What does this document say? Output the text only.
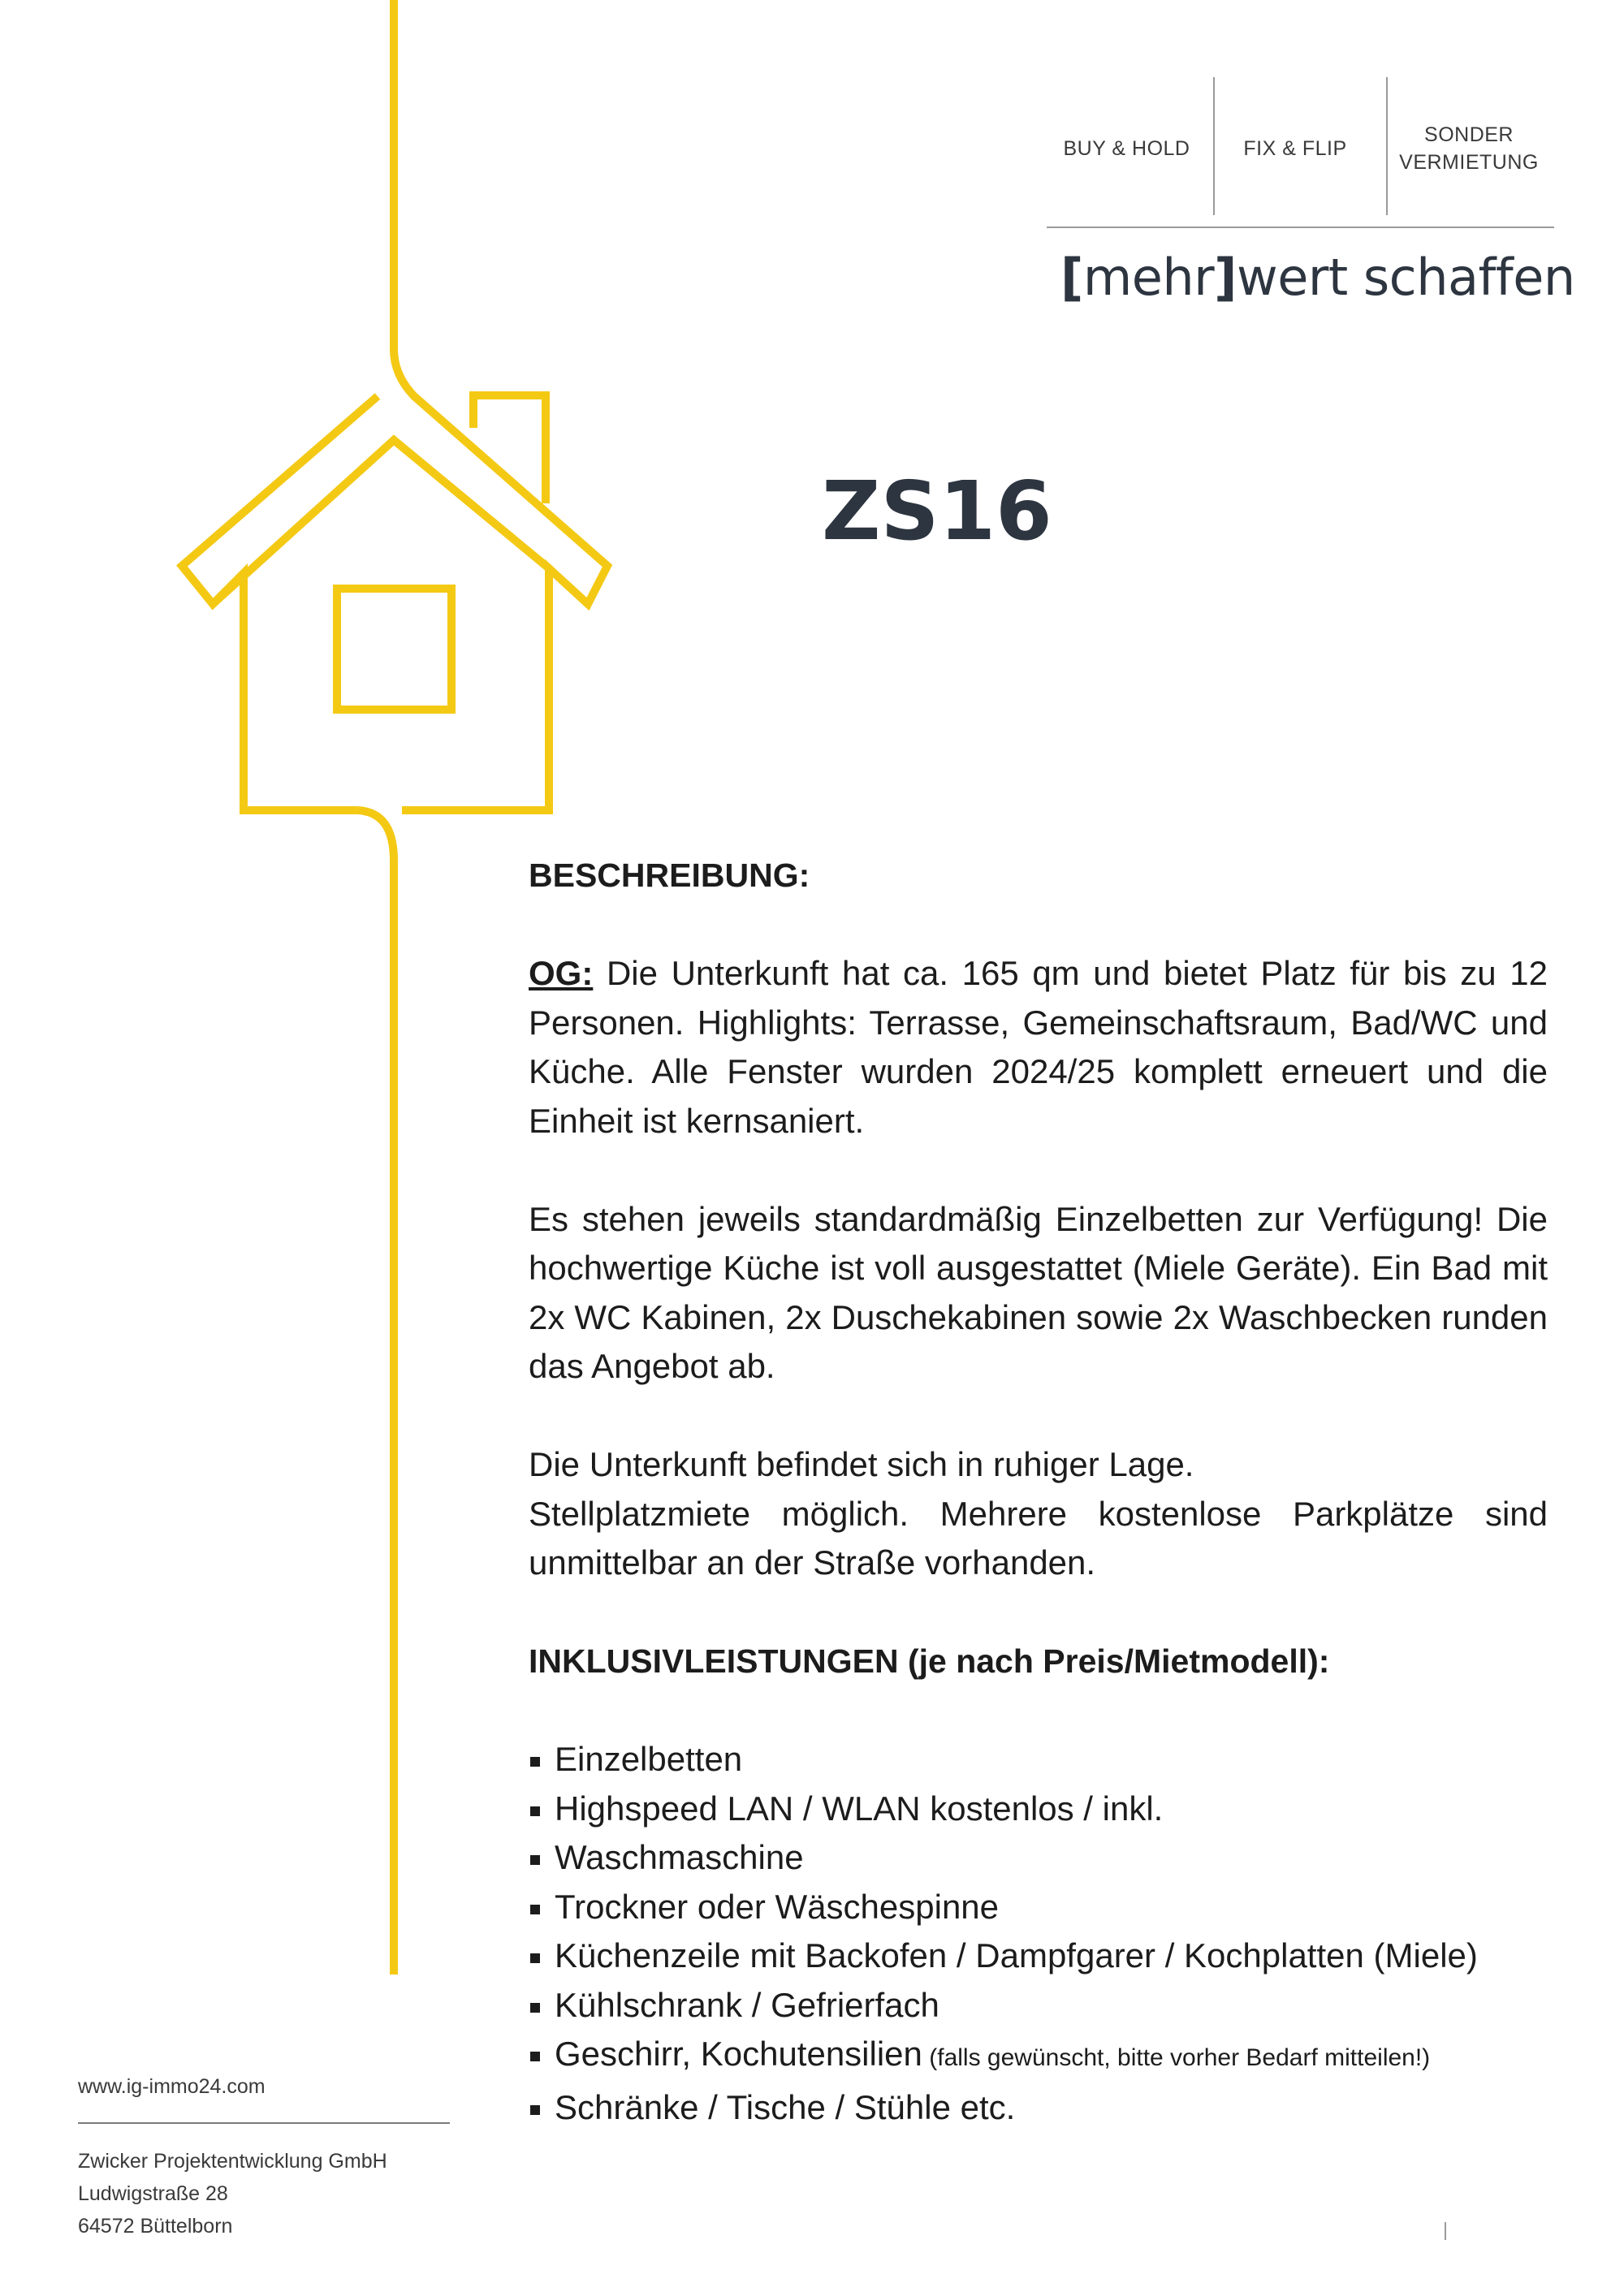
BUY & HOLD	FIX & FLIP
SONDER
VERMIETUNG
[mehr]wert schaffen
ZS16

BESCHREIBUNG:

OG: Die Unterkunft hat ca. 165 qm und bietet Platz für bis zu 12

Personen. Highlights: Terrasse, Gemeinschaftsraum, Bad/WC und Küche. Alle Fenster wurden 2024/25 komplett erneuert und die Einheit ist kernsaniert.

Es stehen jeweils standardmäßig Einzelbetten zur Verfügung! Die hochwertige Küche ist voll ausgestattet (Miele Geräte). Ein Bad mit 2x WC Kabinen, 2x Duschekabinen sowie 2x Waschbecken runden das Angebot ab.

Die Unterkunft befindet sich in ruhiger Lage.

Stellplatzmiete möglich. Mehrere kostenlose Parkplätze sind unmittelbar an der Straße vorhanden.

INKLUSIVLEISTUNGEN (je nach Preis/Mietmodell):

Einzelbetten
Highspeed LAN / WLAN kostenlos / inkl.
Waschmaschine
Trockner oder Wäschespinne
Küchenzeile mit Backofen / Dampfgarer / Kochplatten (Miele)
Kühlschrank / Gefrierfach
Geschirr, Kochutensilien (falls gewünscht, bitte vorher Bedarf mitteilen!)
Schränke / Tische / Stühle etc.
www.ig-immo24.com
Zwicker Projektentwicklung GmbH
Ludwigstraße 28
64572 Büttelborn
